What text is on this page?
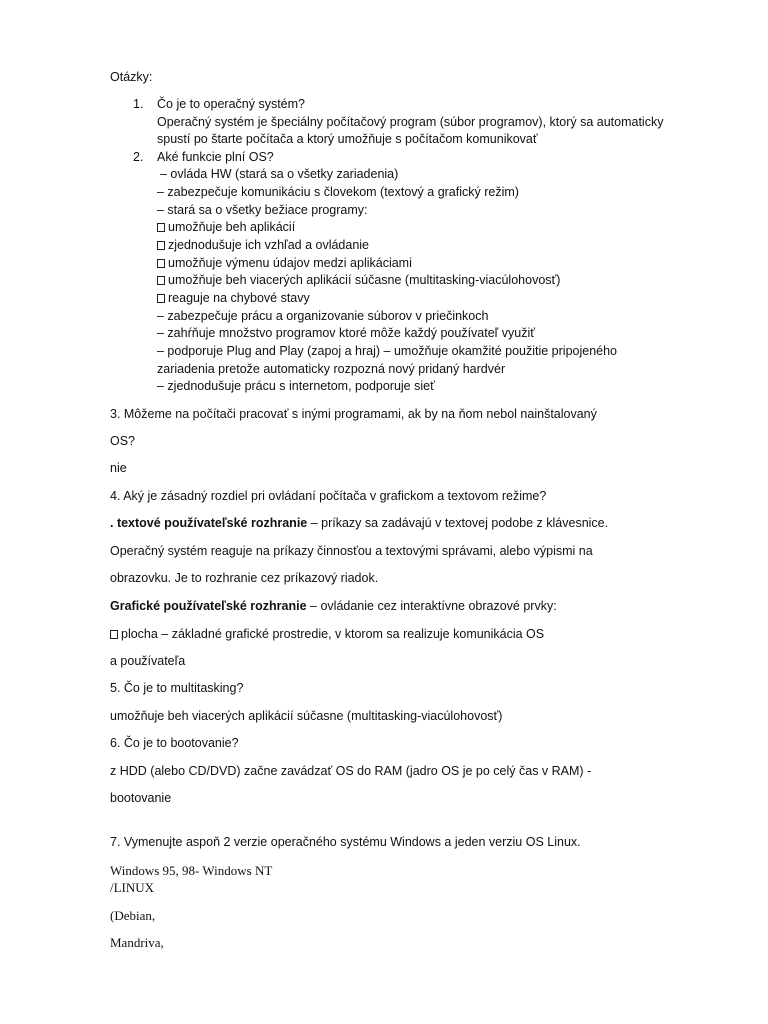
Otázky:
1. Čo je to operačný systém?
Operačný systém je špeciálny počítačový program (súbor programov), ktorý sa automaticky
spustí po štarte počítača a ktorý umožňuje s počítačom komunikovať
2. Aké funkcie plní OS?
– ovláda HW (stará sa o všetky zariadenia)
– zabezpečuje komunikáciu s človekom (textový a grafický režim)
– stará sa o všetky bežiace programy:
umožňuje beh aplikácií
zjednodušuje ich vzhľad a ovládanie
umožňuje výmenu údajov medzi aplikáciami
umožňuje beh viacerých aplikácií súčasne (multitasking-viacúlohovosť)
reaguje na chybové stavy
– zabezpečuje prácu a organizovanie súborov v priečinkoch
– zahŕňuje množstvo programov ktoré môže každý používateľ využiť
– podporuje Plug and Play (zapoj a hraj) – umožňuje okamžité použitie pripojeného
zariadenia pretože automaticky rozpozná nový pridaný hardvér
– zjednodušuje prácu s internetom, podporuje sieť
3. Môžeme na počítači pracovať s inými programami, ak by na ňom nebol nainštalovaný
OS?
nie
4. Aký je zásadný rozdiel pri ovládaní počítača v grafickom a textovom režime?
. textové používateľské rozhranie – príkazy sa zadávajú v textovej podobe z klávesnice.
Operačný systém reaguje na príkazy činnosťou a textovými správami, alebo výpismi na
obrazovku. Je to rozhranie cez príkazový riadok.
Grafické používateľské rozhranie – ovládanie cez interaktívne obrazové prvky:
plocha – základné grafické prostredie, v ktorom sa realizuje komunikácia OS
a používateľa
5. Čo je to multitasking?
umožňuje beh viacerých aplikácií súčasne (multitasking-viacúlohovosť)
6. Čo je to bootovanie?
z HDD (alebo CD/DVD) začne zavádzať OS do RAM (jadro OS je po celý čas v RAM) -
bootovanie
7. Vymenujte aspoň 2 verzie operačného systému Windows a jeden verziu OS Linux.
Windows 95, 98- Windows NT
/LINUX
(Debian,
Mandriva,
